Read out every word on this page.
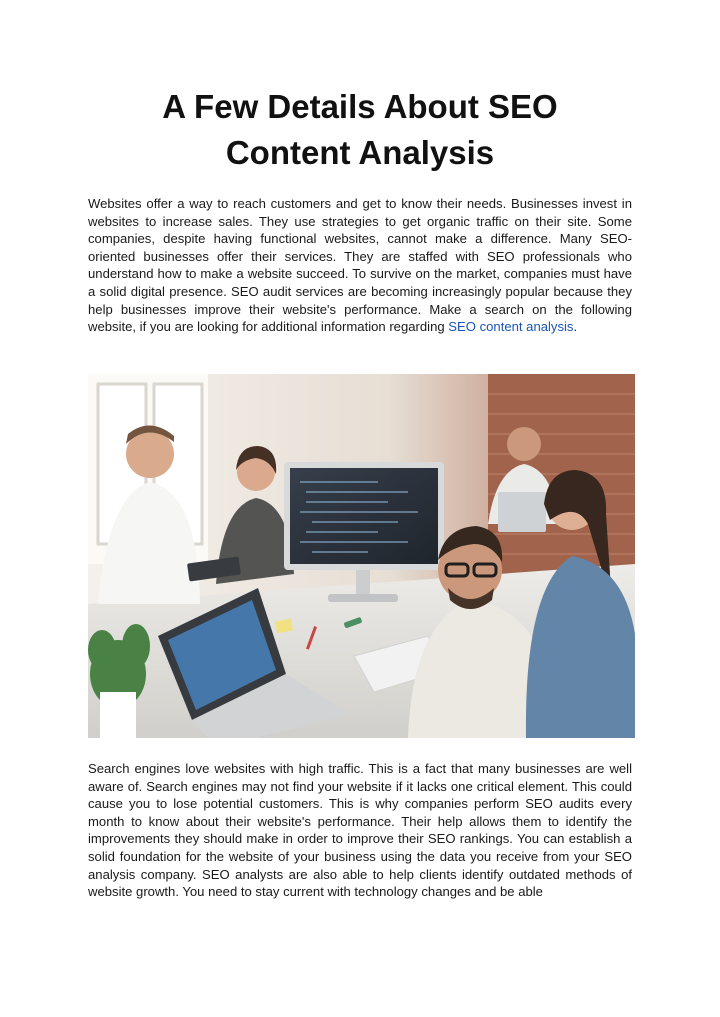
A Few Details About SEO
Content Analysis

Websites offer a way to reach customers and get to know their needs. Businesses invest in websites to increase sales. They use strategies to get organic traffic on their site. Some companies, despite having functional websites, cannot make a difference. Many SEO-oriented businesses offer their services. They are staffed with SEO professionals who understand how to make a website succeed. To survive on the market, companies must have a solid digital presence. SEO audit services are becoming increasingly popular because they help businesses improve their website's performance. Make a search on the following website, if you are looking for additional information regarding SEO content analysis.

Search engines love websites with high traffic. This is a fact that many businesses are well aware of. Search engines may not find your website if it lacks one critical element. This could cause you to lose potential customers. This is why companies perform SEO audits every month to know about their website's performance. Their help allows them to identify the improvements they should make in order to improve their SEO rankings. You can establish a solid foundation for the website of your business using the data you receive from your SEO analysis company. SEO analysts are also able to help clients identify outdated methods of website growth. You need to stay current with technology changes and be able
